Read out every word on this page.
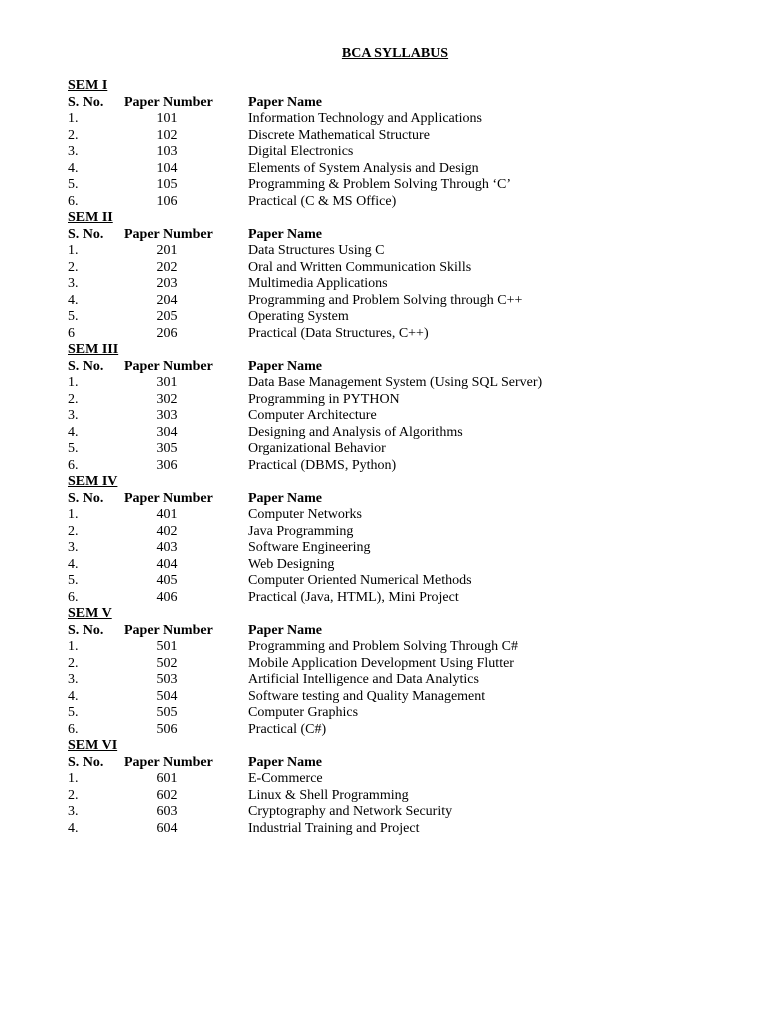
BCA SYLLABUS
SEM I
S. No. Paper Number	Paper Name
1.	101	Information Technology and Applications
2.	102	Discrete Mathematical Structure
3.	103	Digital Electronics
4.	104	Elements of System Analysis and Design
5.	105	Programming & Problem Solving Through ‘C’
6.	106	Practical (C & MS Office)
SEM II
S. No. Paper Number	Paper Name
1.	201	Data Structures Using C
2.	202	Oral and Written Communication Skills
3.	203	Multimedia Applications
4.	204	Programming and Problem Solving through C++
5.	205	Operating System
6	206	Practical (Data Structures, C++)
SEM III
S. No. Paper Number	Paper Name
1.	301	Data Base Management System (Using SQL Server)
2.	302	Programming in PYTHON
3.	303	Computer Architecture
4.	304	Designing and Analysis of Algorithms
5.	305	Organizational Behavior
6.	306	Practical (DBMS, Python)
SEM IV
S. No. Paper Number	Paper Name
1.	401	Computer Networks
2.	402	Java Programming
3.	403	Software Engineering
4.	404	Web Designing
5.	405	Computer Oriented Numerical Methods
6.	406	Practical (Java, HTML), Mini Project
SEM V
S. No. Paper Number	Paper Name
1.	501	Programming and Problem Solving Through C#
2.	502	Mobile Application Development Using Flutter
3.	503	Artificial Intelligence and Data Analytics
4.	504	Software testing and Quality Management
5.	505	Computer Graphics
6.	506	Practical (C#)
SEM VI
S. No. Paper Number	Paper Name
1.	601	E-Commerce
2.	602	Linux & Shell Programming
3.	603	Cryptography and Network Security
4.	604	Industrial Training and Project
